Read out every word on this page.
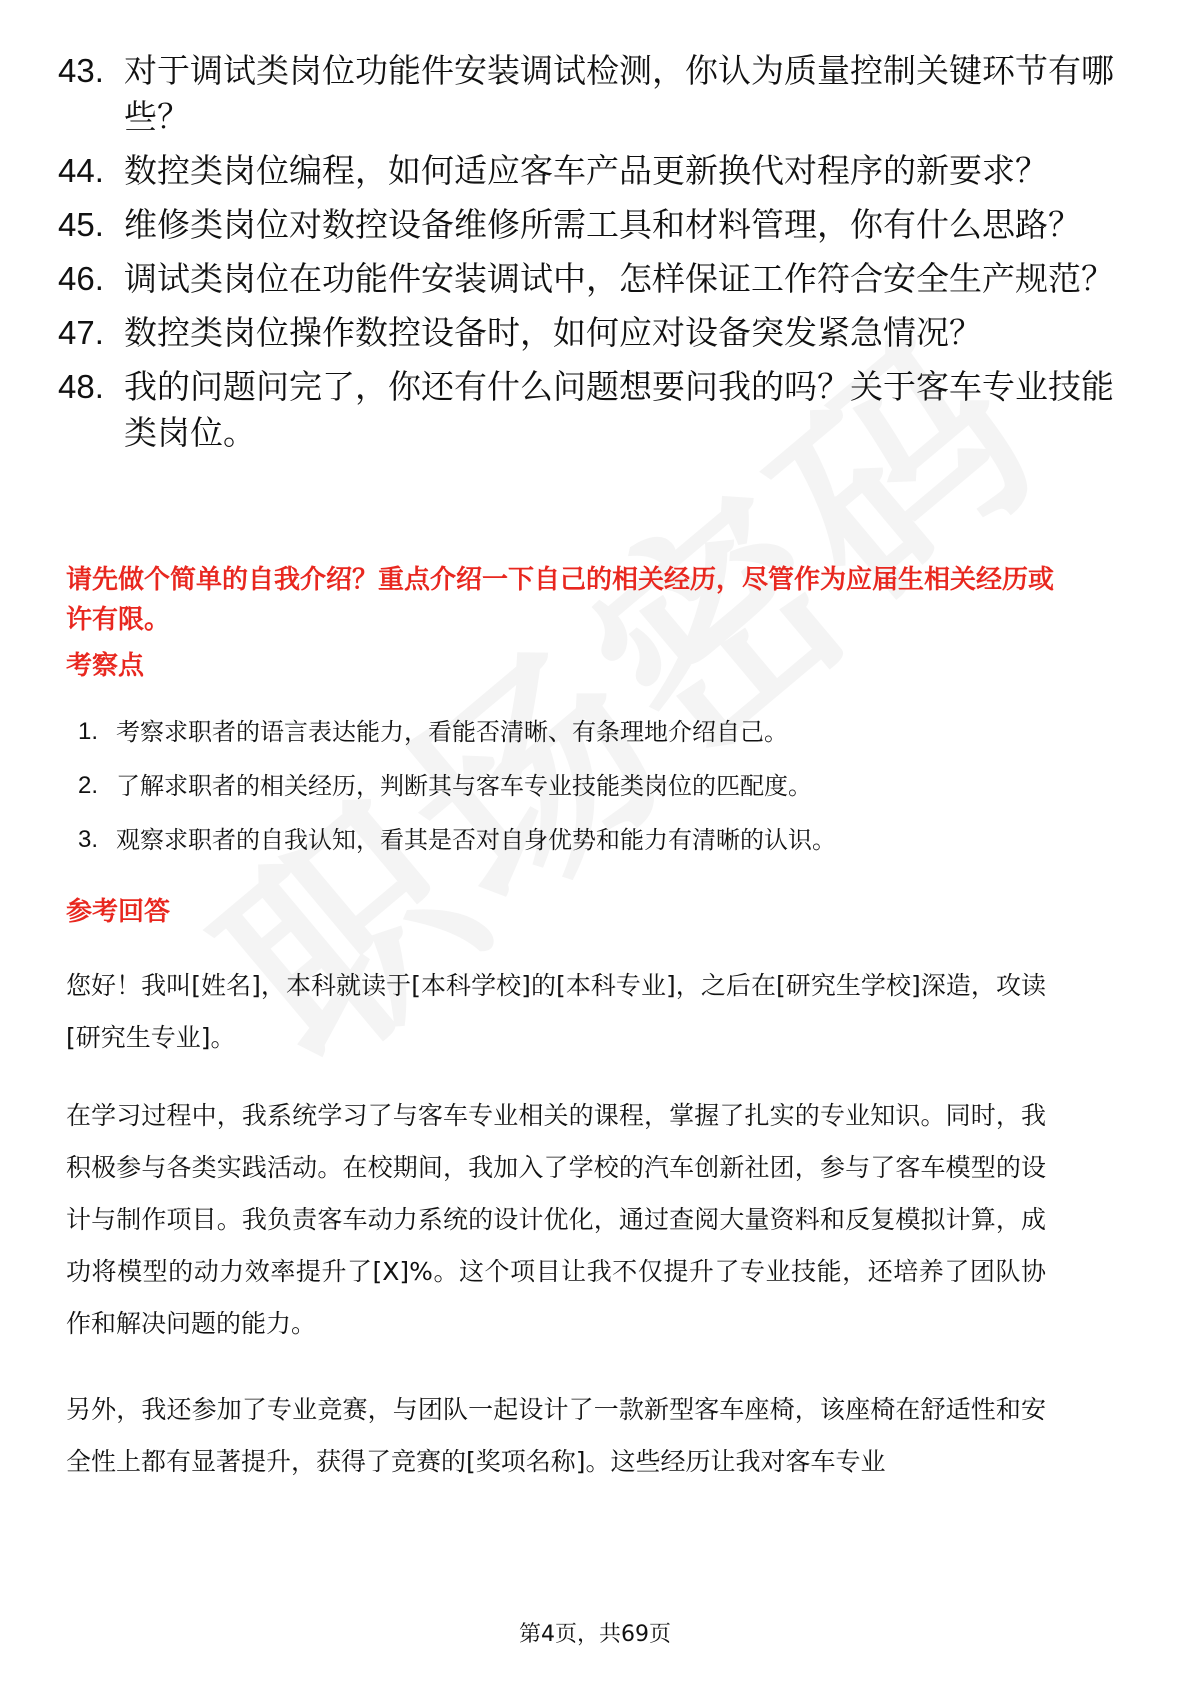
43. 对于调试类岗位功能件安装调试检测，你认为质量控制关键环节有哪些？
44. 数控类岗位编程，如何适应客车产品更新换代对程序的新要求？
45. 维修类岗位对数控设备维修所需工具和材料管理，你有什么思路？
46. 调试类岗位在功能件安装调试中，怎样保证工作符合安全生产规范？
47. 数控类岗位操作数控设备时，如何应对设备突发紧急情况？
48. 我的问题问完了，你还有什么问题想要问我的吗？关于客车专业技能类岗位。

请先做个简单的自我介绍？重点介绍一下自己的相关经历，尽管作为应届生相关经历或许有限。

考察点

1. 考察求职者的语言表达能力，看能否清晰、有条理地介绍自己。
2. 了解求职者的相关经历，判断其与客车专业技能类岗位的匹配度。
3. 观察求职者的自我认知，看其是否对自身优势和能力有清晰的认识。

参考回答

您好！我叫[姓名]，本科就读于[本科学校]的[本科专业]，之后在[研究生学校]深造，攻读[研究生专业]。

在学习过程中，我系统学习了与客车专业相关的课程，掌握了扎实的专业知识。同时，我积极参与各类实践活动。在校期间，我加入了学校的汽车创新社团，参与了客车模型的设计与制作项目。我负责客车动力系统的设计优化，通过查阅大量资料和反复模拟计算，成功将模型的动力效率提升了[X]%。这个项目让我不仅提升了专业技能，还培养了团队协作和解决问题的能力。

另外，我还参加了专业竞赛，与团队一起设计了一款新型客车座椅，该座椅在舒适性和安全性上都有显著提升，获得了竞赛的[奖项名称]。这些经历让我对客车专业

第4页，共69页
